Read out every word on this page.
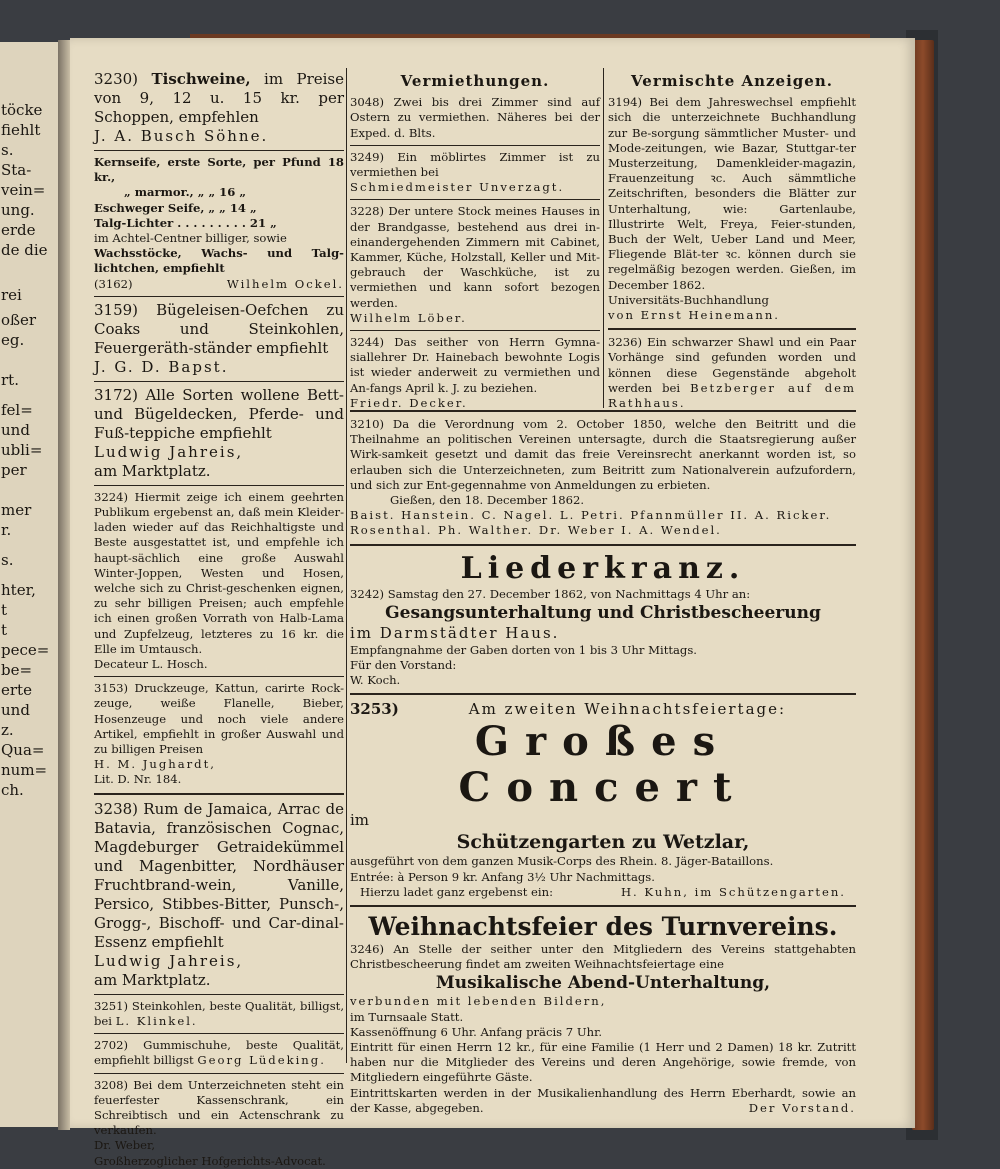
töcke
fiehlt
s.
Sta-
vein=
ung.
erde
de die
rei
oßer
eg.
rt.
fel=
und
ubli=
per
mer
r.
s.
hter,
t
t
pece=
be=
erte
und
z.
Qua=
num=
ch.

3230) Tischweine, im Preise von 9, 12 u. 15 kr. per Schoppen, empfehlen

J. A. Busch Söhne.

Kernseife, erste Sorte, per Pfund 18 kr.,

„ marmor., „ „ 16 „

Eschweger Seife, „ „ 14 „

Talg-Lichter . . . . . . . . . 21 „

im Achtel-Centner billiger, sowie

Wachsstöcke, Wachs- und Talg-lichtchen, empfiehlt

(3162)	Wilhelm Ockel.

3159) Bügeleisen-Oefchen zu Coaks und Steinkohlen, Feuergeräth-ständer empfiehlt

J. G. D. Bapst.

3172) Alle Sorten wollene Bett- und Bügeldecken, Pferde- und Fuß-teppiche empfiehlt

Ludwig Jahreis,

am Marktplatz.

3224) Hiermit zeige ich einem geehrten Publikum ergebenst an, daß mein Kleider-laden wieder auf das Reichhaltigste und Beste ausgestattet ist, und empfehle ich haupt-sächlich eine große Auswahl Winter-Joppen, Westen und Hosen, welche sich zu Christ-geschenken eignen, zu sehr billigen Preisen; auch empfehle ich einen großen Vorrath von Halb-Lama und Zupfelzeug, letzteres zu 16 kr. die Elle im Umtausch.

Decateur L. Hosch.

3153) Druckzeuge, Kattun, carirte Rock-zeuge, weiße Flanelle, Bieber, Hosenzeuge und noch viele andere Artikel, empfiehlt in großer Auswahl und zu billigen Preisen

H. M. Jughardt,

Lit. D. Nr. 184.

3238) Rum de Jamaica, Arrac de Batavia, französischen Cognac, Magdeburger Getraidekümmel und Magenbitter, Nordhäuser Fruchtbrand-wein, Vanille, Persico, Stibbes-Bitter, Punsch-, Grogg-, Bischoff- und Car-dinal-Essenz empfiehlt

Ludwig Jahreis,

am Marktplatz.

3251) Steinkohlen, beste Qualität, billigst, bei L. Klinkel.

2702) Gummischuhe, beste Qualität, empfiehlt billigst Georg Lüdeking.

3208) Bei dem Unterzeichneten steht ein feuerfester Kassenschrank, ein Schreibtisch und ein Actenschrank zu verkaufen.

Dr. Weber,

Großherzoglicher Hofgerichts-Advocat.

Vermiethungen.

3048) Zwei bis drei Zimmer sind auf Ostern zu vermiethen. Näheres bei der Exped. d. Blts.

3249) Ein möblirtes Zimmer ist zu vermiethen bei

Schmiedmeister Unverzagt.

3228) Der untere Stock meines Hauses in der Brandgasse, bestehend aus drei in-einandergehenden Zimmern mit Cabinet, Kammer, Küche, Holzstall, Keller und Mit-gebrauch der Waschküche, ist zu vermiethen und kann sofort bezogen werden.

Wilhelm Löber.

3244) Das seither von Herrn Gymna-siallehrer Dr. Hainebach bewohnte Logis ist wieder anderweit zu vermiethen und An-fangs April k. J. zu beziehen.

Friedr. Decker.

Vermischte Anzeigen.

3194) Bei dem Jahreswechsel empfiehlt sich die unterzeichnete Buchhandlung zur Be-sorgung sämmtlicher Muster- und Mode-zeitungen, wie Bazar, Stuttgar-ter Musterzeitung, Damenkleider-magazin, Frauenzeitung ꝛc. Auch sämmtliche Zeitschriften, besonders die Blätter zur Unterhaltung, wie: Gartenlaube, Illustrirte Welt, Freya, Feier-stunden, Buch der Welt, Ueber Land und Meer, Fliegende Blät-ter ꝛc. können durch sie regelmäßig bezogen werden. Gießen, im December 1862.

Universitäts-Buchhandlung

von Ernst Heinemann.

3236) Ein schwarzer Shawl und ein Paar Vorhänge sind gefunden worden und können diese Gegenstände abgeholt werden bei Betzberger auf dem Rathhaus.

3210) Da die Verordnung vom 2. October 1850, welche den Beitritt und die Theilnahme an politischen Vereinen untersagte, durch die Staatsregierung außer Wirk-samkeit gesetzt und damit das freie Vereinsrecht anerkannt worden ist, so erlauben sich die Unterzeichneten, zum Beitritt zum Nationalverein aufzufordern, und sich zur Ent-gegennahme von Anmeldungen zu erbieten.

Gießen, den 18. December 1862.

Baist. Hanstein. C. Nagel. L. Petri. Pfannmüller II. A. Ricker.

Rosenthal. Ph. Walther. Dr. Weber I. A. Wendel.

Liederkranz.

3242) Samstag den 27. December 1862, von Nachmittags 4 Uhr an:

Gesangsunterhaltung und Christbescheerung

im Darmstädter Haus.

Empfangnahme der Gaben dorten von 1 bis 3 Uhr Mittags.

Für den Vorstand:

W. Koch.

3253)	Am zweiten Weihnachtsfeiertage:
Großes Concert

im

Schützengarten zu Wetzlar,

ausgeführt von dem ganzen Musik-Corps des Rhein. 8. Jäger-Bataillons.

Entrée: à Person 9 kr. Anfang 3½ Uhr Nachmittags.

Hierzu ladet ganz ergebenst ein:	H. Kuhn, im Schützengarten.
Weihnachtsfeier des Turnvereins.

3246) An Stelle der seither unter den Mitgliedern des Vereins stattgehabten Christbescheerung findet am zweiten Weihnachtsfeiertage eine

Musikalische Abend-Unterhaltung,

verbunden mit lebenden Bildern,

im Turnsaale Statt.

Kassenöffnung 6 Uhr. Anfang präcis 7 Uhr.

Eintritt für einen Herrn 12 kr., für eine Familie (1 Herr und 2 Damen) 18 kr. Zutritt haben nur die Mitglieder des Vereins und deren Angehörige, sowie fremde, von Mitgliedern eingeführte Gäste.

Eintrittskarten werden in der Musikalienhandlung des Herrn Eberhardt, sowie an der Kasse, abgegeben.	Der Vorstand.
